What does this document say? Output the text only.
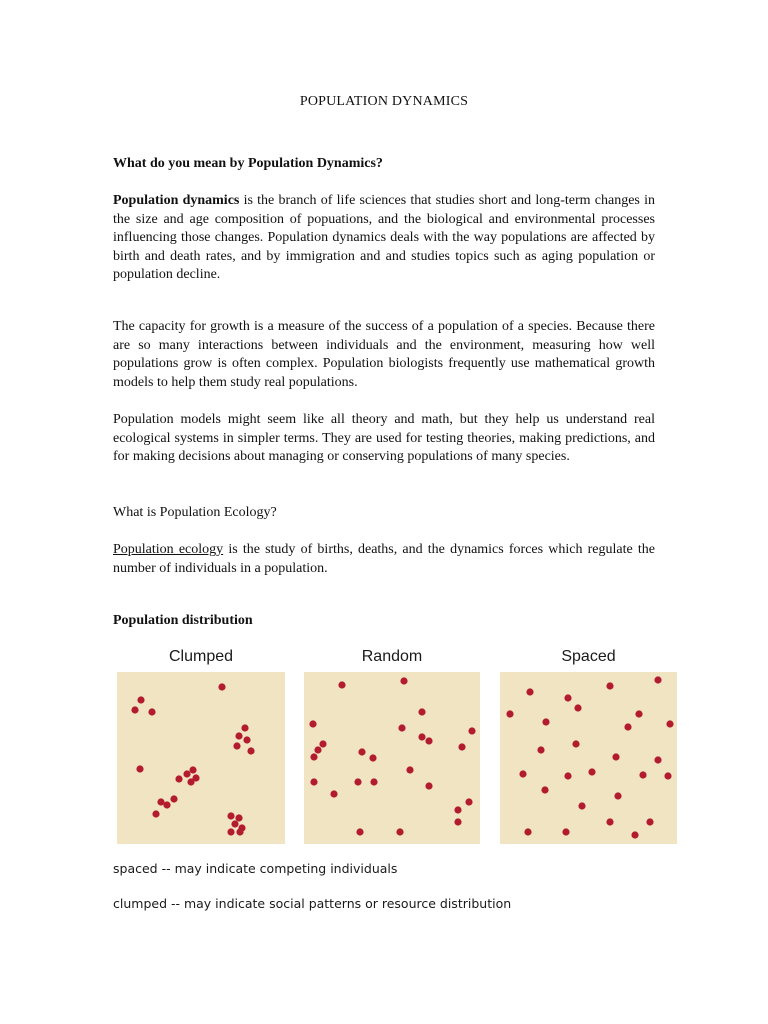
POPULATION DYNAMICS
What do you mean by Population Dynamics?

Population dynamics is the branch of life sciences that studies short and long-term changes in the size and age composition of popuations, and the biological and environmental processes influencing those changes. Population dynamics deals with the way populations are affected by birth and death rates, and by immigration and and studies topics such as aging population or population decline.

The capacity for growth is a measure of the success of a population of a species. Because there are so many interactions between individuals and the environment, measuring how well populations grow is often complex. Population biologists frequently use mathematical growth models to help them study real populations.

Population models might seem like all theory and math, but they help us understand real ecological systems in simpler terms. They are used for testing theories, making predictions, and for making decisions about managing or conserving populations of many species.

What is Population Ecology?

Population ecology is the study of births, deaths, and the dynamics forces which regulate the number of individuals in a population.

Population distribution
Clumped	Random	Spaced
spaced -- may indicate competing individuals
clumped -- may indicate social patterns or resource distribution
